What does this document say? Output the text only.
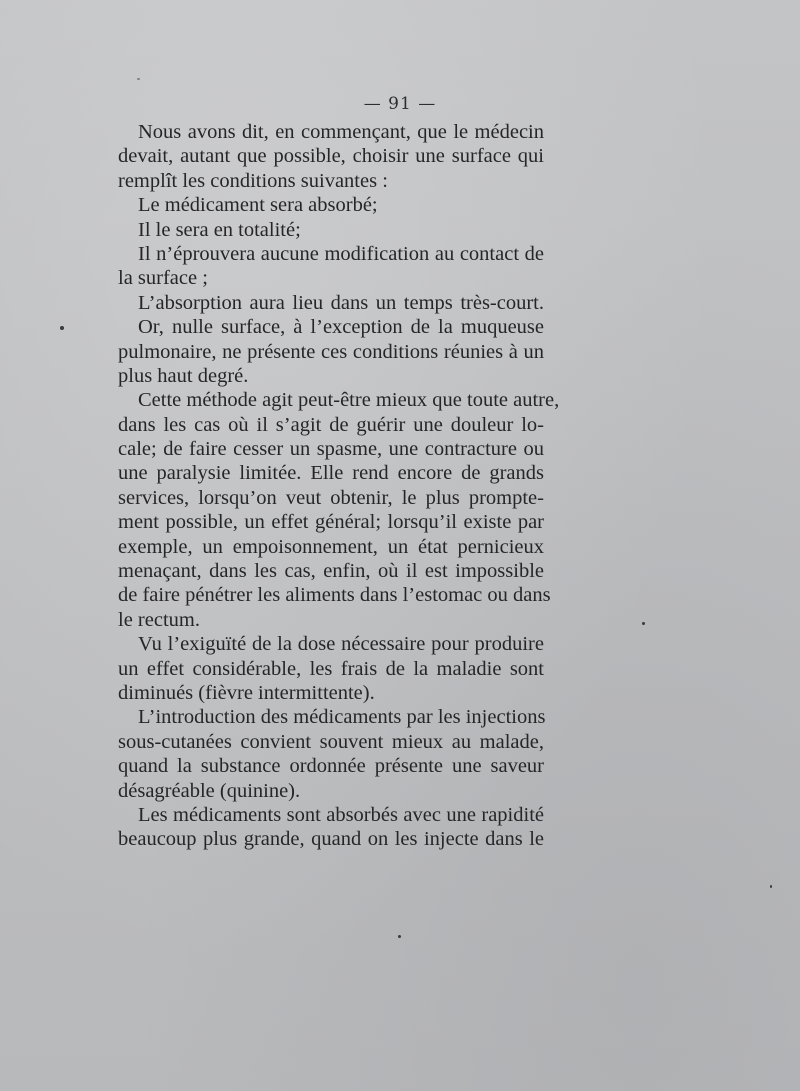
— 91 —
Nous avons dit, en commençant, que le médecin
devait, autant que possible, choisir une surface qui
remplît les conditions suivantes :
Le médicament sera absorbé;
Il le sera en totalité;
Il n’éprouvera aucune modification au contact de
la surface ;
L’absorption aura lieu dans un temps très-court.
Or, nulle surface, à l’exception de la muqueuse
pulmonaire, ne présente ces conditions réunies à un
plus haut degré.
Cette méthode agit peut-être mieux que toute autre,
dans les cas où il s’agit de guérir une douleur lo-
cale; de faire cesser un spasme, une contracture ou
une paralysie limitée. Elle rend encore de grands
services, lorsqu’on veut obtenir, le plus prompte-
ment possible, un effet général; lorsqu’il existe par
exemple, un empoisonnement, un état pernicieux
menaçant, dans les cas, enfin, où il est impossible
de faire pénétrer les aliments dans l’estomac ou dans
le rectum.
Vu l’exiguïté de la dose nécessaire pour produire
un effet considérable, les frais de la maladie sont
diminués (fièvre intermittente).
L’introduction des médicaments par les injections
sous-cutanées convient souvent mieux au malade,
quand la substance ordonnée présente une saveur
désagréable (quinine).
Les médicaments sont absorbés avec une rapidité
beaucoup plus grande, quand on les injecte dans le
